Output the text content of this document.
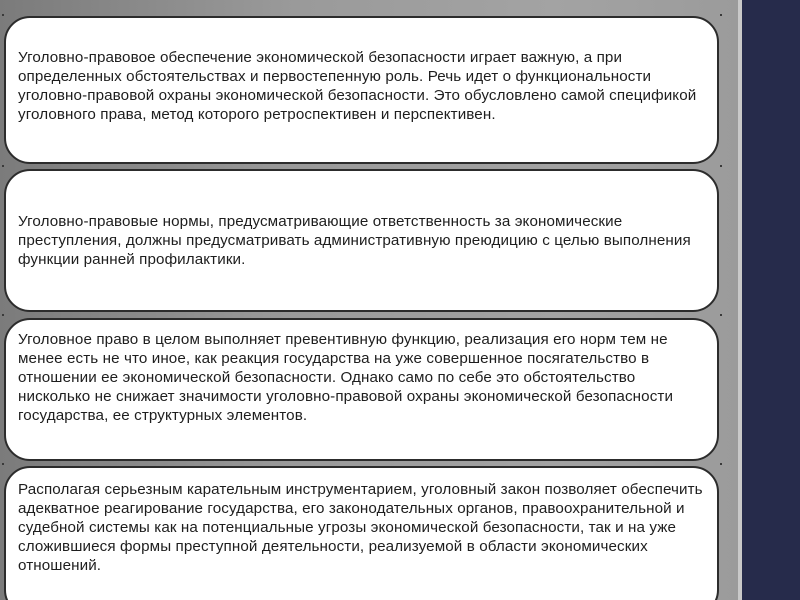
Уголовно-правовое обеспечение экономической безопасности играет важную, а при определенных обстоятельствах и первостепенную роль. Речь идет о функциональности уголовно-правовой охраны экономической безопасности. Это обусловлено самой спецификой уголовного права, метод которого ретроспективен и перспективен.

Уголовно-правовые нормы, предусматривающие ответственность за экономические преступления, должны предусматривать административную преюдицию с целью выполнения функции ранней профилактики.

Уголовное право в целом выполняет превентивную функцию, реализация его норм тем не менее есть не что иное, как реакция государства на уже совершенное посягательство в отношении ее экономической безопасности. Однако само по себе это обстоятельство нисколько не снижает значимости уголовно-правовой охраны экономической безопасности государства, ее структурных элементов.

Располагая серьезным карательным инструментарием, уголовный закон позволяет обеспечить адекватное реагирование государства, его законодательных органов, правоохранительной и судебной системы как на потенциальные угрозы экономической безопасности, так и на уже сложившиеся формы преступной деятельности, реализуемой в области экономических отношений.
